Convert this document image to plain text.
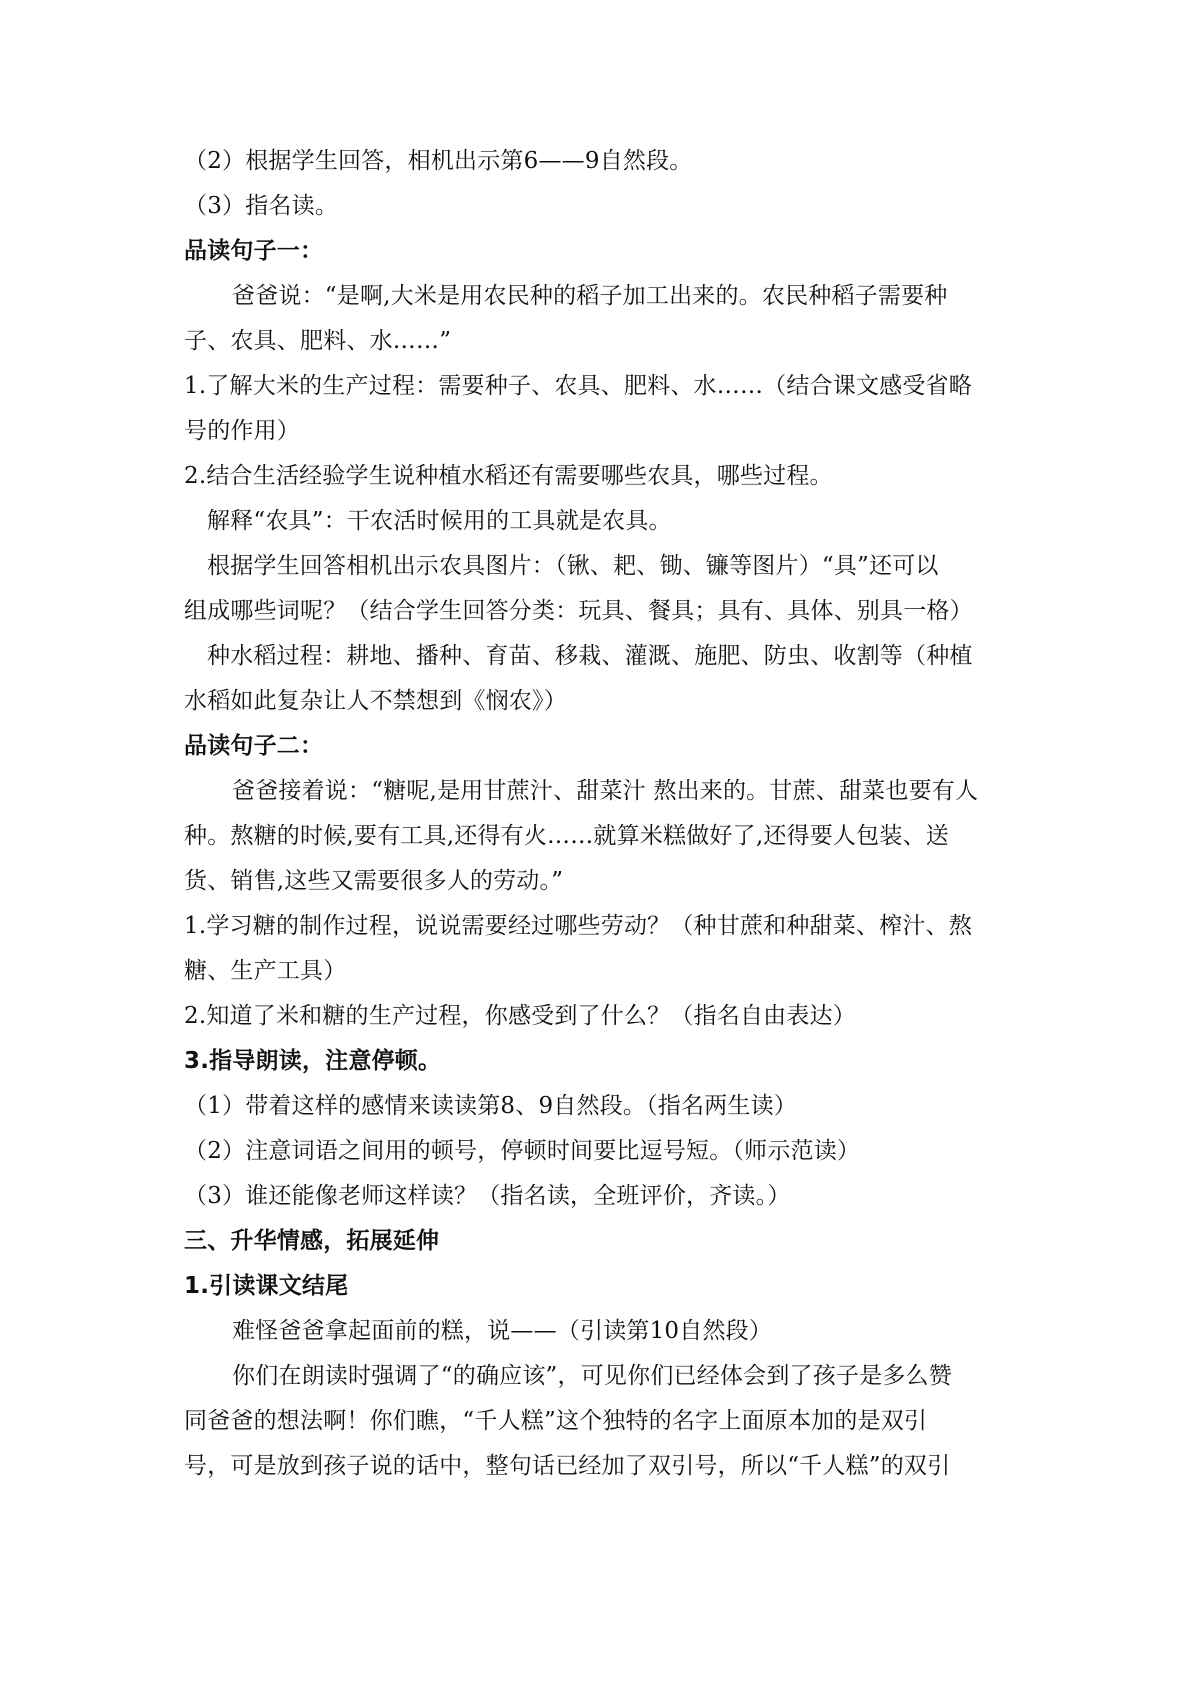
（2）根据学生回答，相机出示第6——9自然段。

（3）指名读。

品读句子一：

爸爸说：“是啊,大米是用农民种的稻子加工出来的。农民种稻子需要种

子、农具、肥料、水……”

1.了解大米的生产过程：需要种子、农具、肥料、水……（结合课文感受省略

号的作用）

2.结合生活经验学生说种植水稻还有需要哪些农具，哪些过程。

解释“农具”：干农活时候用的工具就是农具。

根据学生回答相机出示农具图片：（锹、耙、锄、镰等图片）“具”还可以

组成哪些词呢？（结合学生回答分类：玩具、餐具；具有、具体、别具一格）

种水稻过程：耕地、播种、育苗、移栽、灌溉、施肥、防虫、收割等（种植

水稻如此复杂让人不禁想到《悯农》）

品读句子二：

爸爸接着说：“糖呢,是用甘蔗汁、甜菜汁 熬出来的。甘蔗、甜菜也要有人

种。熬糖的时候,要有工具,还得有火……就算米糕做好了,还得要人包装、送

货、销售,这些又需要很多人的劳动。”

1.学习糖的制作过程，说说需要经过哪些劳动？（种甘蔗和种甜菜、榨汁、熬

糖、生产工具）

2.知道了米和糖的生产过程，你感受到了什么？（指名自由表达）

3.指导朗读，注意停顿。

（1）带着这样的感情来读读第8、9自然段。（指名两生读）

（2）注意词语之间用的顿号，停顿时间要比逗号短。（师示范读）

（3）谁还能像老师这样读？（指名读，全班评价，齐读。）

三、升华情感，拓展延伸

1.引读课文结尾

难怪爸爸拿起面前的糕，说——（引读第10自然段）

你们在朗读时强调了“的确应该”，可见你们已经体会到了孩子是多么赞

同爸爸的想法啊！你们瞧，“千人糕”这个独特的名字上面原本加的是双引

号，可是放到孩子说的话中，整句话已经加了双引号，所以“千人糕”的双引
